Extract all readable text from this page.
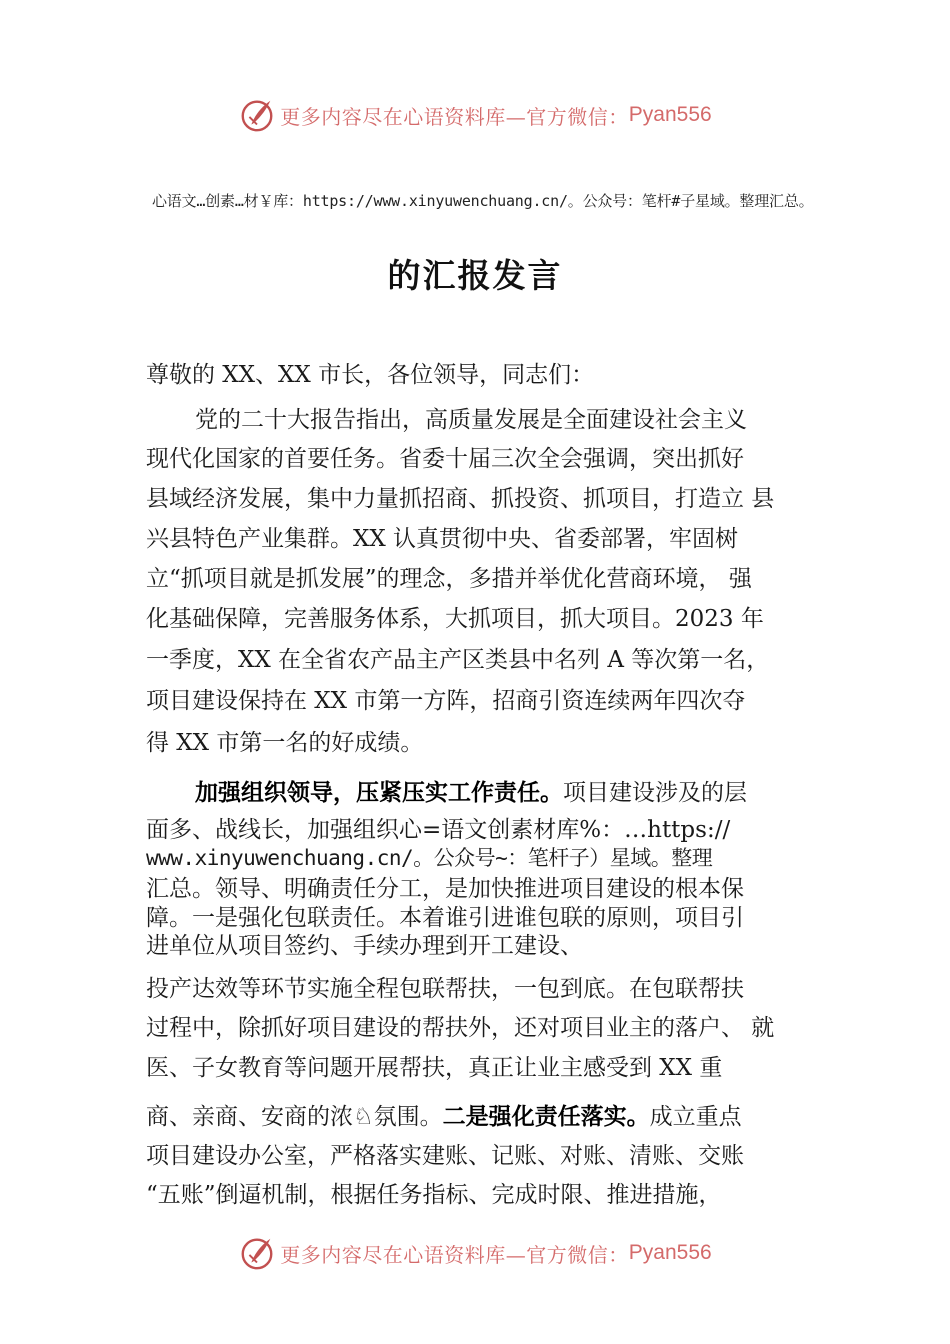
更多内容尽在心语资料库—官方微信： Pyan556
心语文…创素…材￥库：https://www.xinyuwenchuang.cn/。公众号：笔杆#子星域。整理汇总。
的汇报发言
尊敬的 XX、XX 市长，各位领导，同志们：
党的二十大报告指出，高质量发展是全面建设社会主义
现代化国家的首要任务。省委十届三次全会强调，突出抓好
县域经济发展，集中力量抓招商、抓投资、抓项目，打造立 县
兴县特色产业集群。XX 认真贯彻中央、省委部署，牢固树
立“抓项目就是抓发展”的理念，多措并举优化营商环境， 强
化基础保障，完善服务体系，大抓项目，抓大项目。2023 年
一季度，XX 在全省农产品主产区类县中名列 A 等次第一名，
项目建设保持在 XX 市第一方阵，招商引资连续两年四次夺
得 XX 市第一名的好成绩。
加强组织领导，压紧压实工作责任。项目建设涉及的层
面多、战线长，加强组织心=语文创素材库%：…https://
www.xinyuwenchuang.cn/。公众号~：笔杆子）星域。整理
汇总。领导、明确责任分工，是加快推进项目建设的根本保
障。一是强化包联责任。本着谁引进谁包联的原则，项目引
进单位从项目签约、手续办理到开工建设、
投产达效等环节实施全程包联帮扶，一包到底。在包联帮扶
过程中，除抓好项目建设的帮扶外，还对项目业主的落户、 就
医、子女教育等问题开展帮扶，真正让业主感受到 XX 重
商、亲商、安商的浓♘氛围。二是强化责任落实。成立重点
项目建设办公室，严格落实建账、记账、对账、清账、交账
“五账”倒逼机制，根据任务指标、完成时限、推进措施，
更多内容尽在心语资料库—官方微信： Pyan556
